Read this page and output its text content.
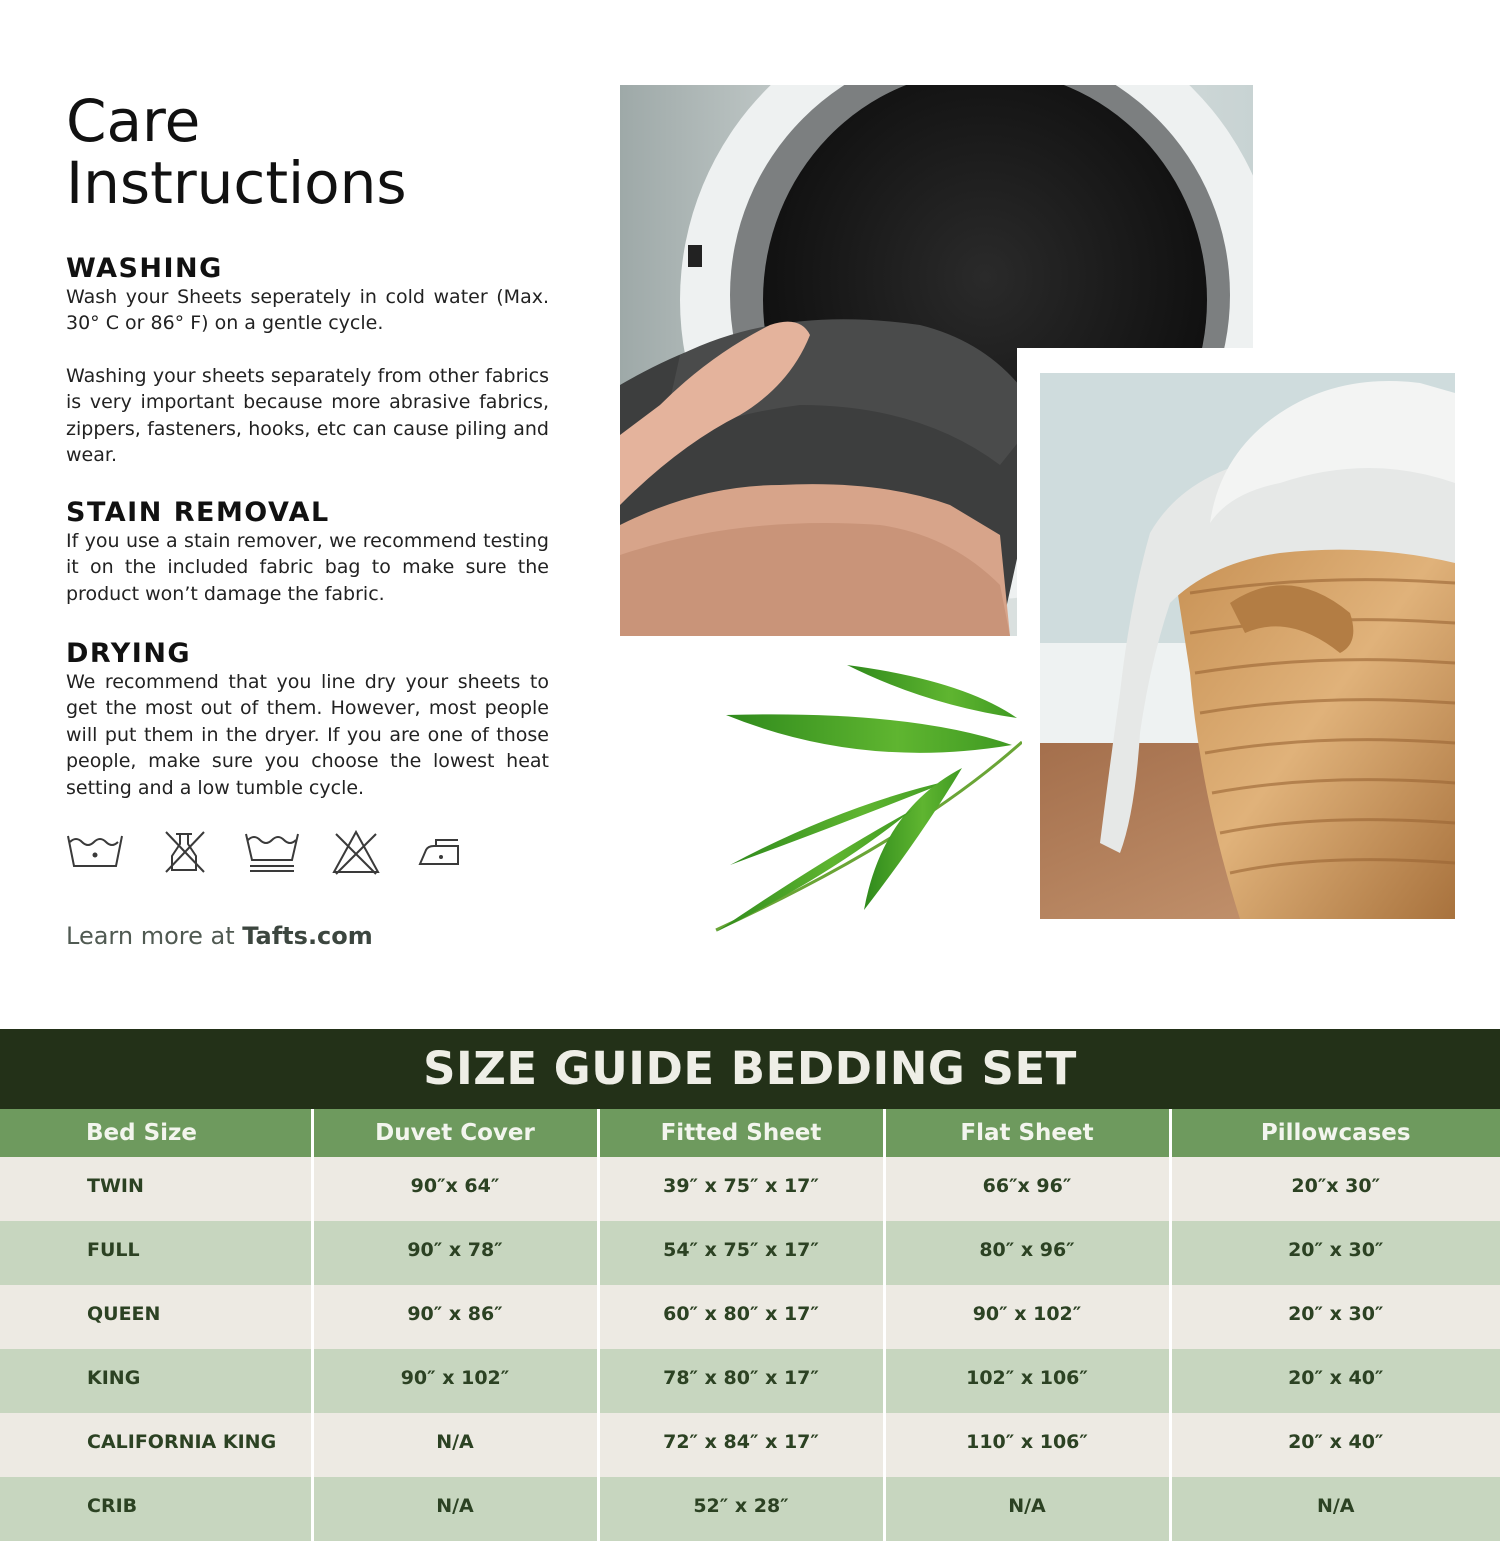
Care
Instructions
WASHING

Wash your Sheets seperately in cold water (Max. 30° C or 86° F) on a gentle cycle.

Washing your sheets separately from other fabrics is very important because more abrasive fabrics, zippers, fasteners, hooks, etc can cause piling and wear.

STAIN REMOVAL

If you use a stain remover, we recommend testing it on the included fabric bag to make sure the product won’t damage the fabric.

DRYING

We recommend that you line dry your sheets to get the most out of them. However, most people will put them in the dryer. If you are one of those people, make sure you choose the lowest heat setting and a low tumble cycle.

Learn more at Tafts.com
SIZE GUIDE BEDDING SET
Bed Size	Duvet Cover	Fitted Sheet	Flat Sheet	Pillowcases
TWIN	90″x 64″	39″ x 75″ x 17″	66″x 96″	20″x 30″
FULL	90″ x 78″	54″ x 75″ x 17″	80″ x 96″	20″ x 30″
QUEEN	90″ x 86″	60″ x 80″ x 17″	90″ x 102″	20″ x 30″
KING	90″ x 102″	78″ x 80″ x 17″	102″ x 106″	20″ x 40″
CALIFORNIA KING	N/A	72″ x 84″ x 17″	110″ x 106″	20″ x 40″
CRIB	N/A	52″ x 28″	N/A	N/A
